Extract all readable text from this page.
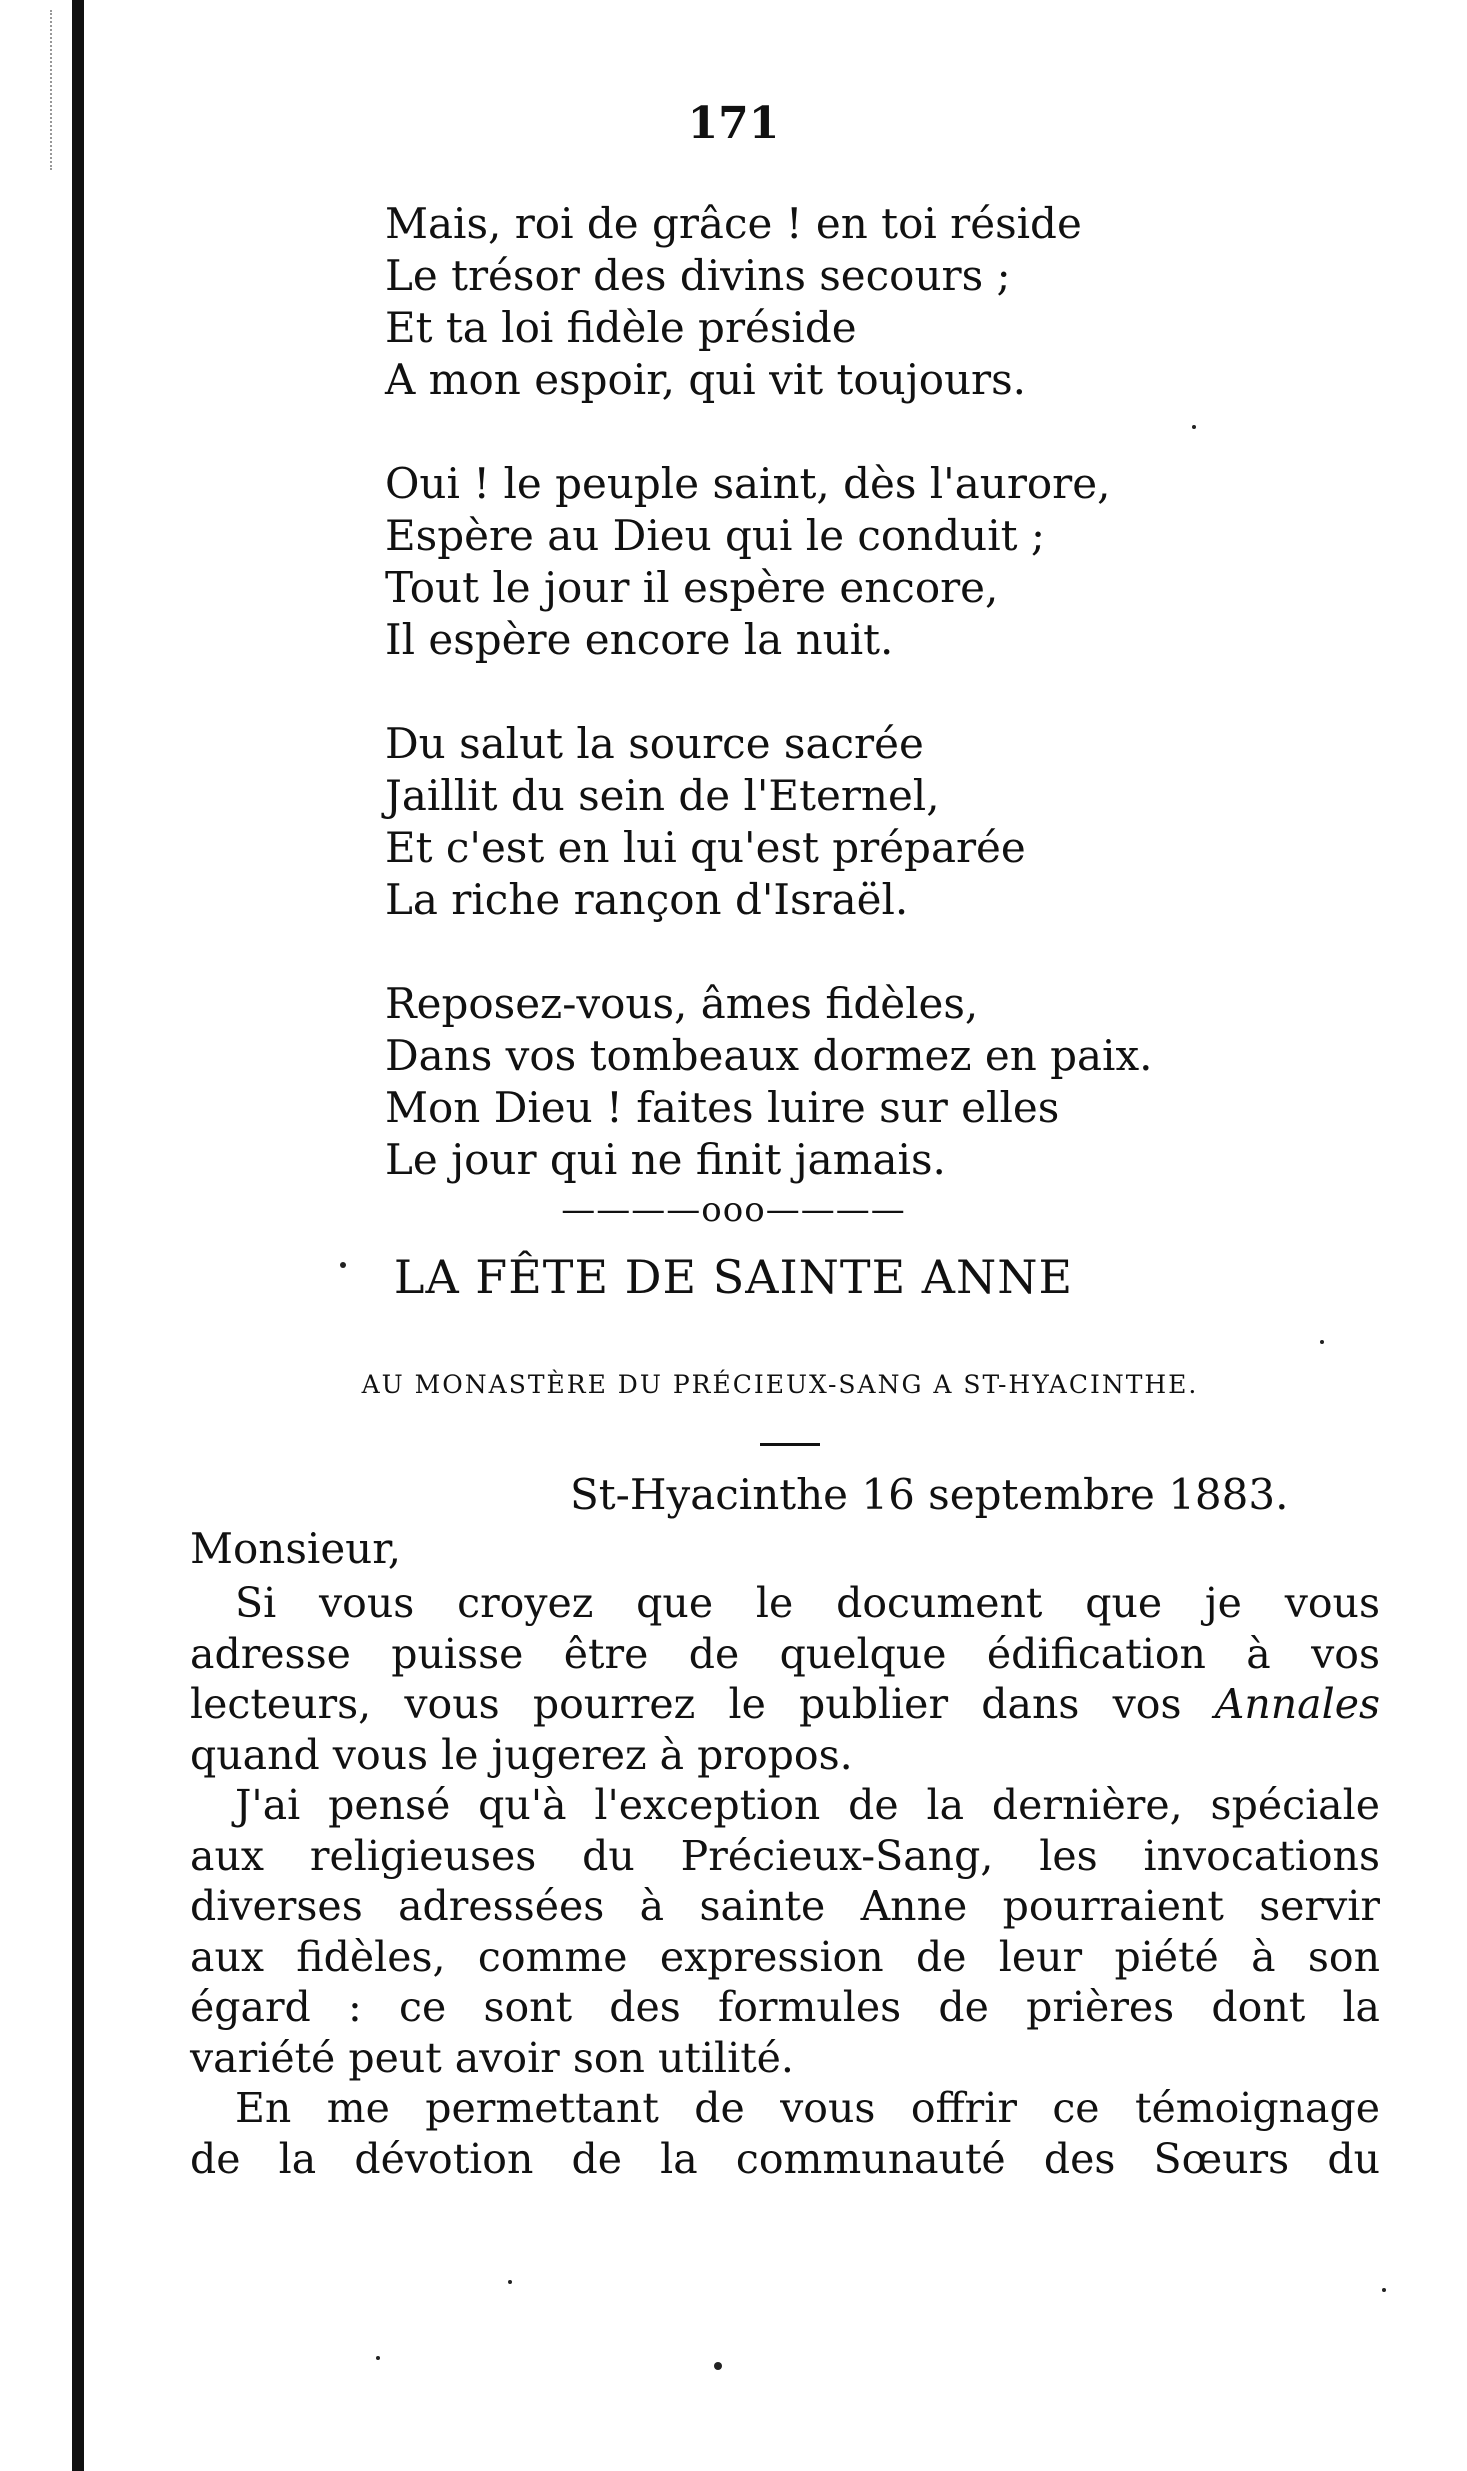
171
Mais, roi de grâce ! en toi réside
Le trésor des divins secours ;
Et ta loi fidèle préside
A mon espoir, qui vit toujours.
Oui ! le peuple saint, dès l'aurore,
Espère au Dieu qui le conduit ;
Tout le jour il espère encore,
Il espère encore la nuit.
Du salut la source sacrée
Jaillit du sein de l'Eternel,
Et c'est en lui qu'est préparée
La riche rançon d'Israël.
Reposez-vous, âmes fidèles,
Dans vos tombeaux dormez en paix.
Mon Dieu ! faites luire sur elles
Le jour qui ne finit jamais.
————ooo————
LA FÊTE DE SAINTE ANNE
AU MONASTÈRE DU PRÉCIEUX-SANG A ST-HYACINTHE.
St-Hyacinthe 16 septembre 1883.
Monsieur,
Si vous croyez que le document que je vous
adresse puisse être de quelque édification à vos
lecteurs, vous pourrez le publier dans vos Annales
quand vous le jugerez à propos.
J'ai pensé qu'à l'exception de la dernière, spéciale
aux religieuses du Précieux-Sang, les invocations
diverses adressées à sainte Anne pourraient servir
aux fidèles, comme expression de leur piété à son
égard : ce sont des formules de prières dont la
variété peut avoir son utilité.
En me permettant de vous offrir ce témoignage
de la dévotion de la communauté des Sœurs du
